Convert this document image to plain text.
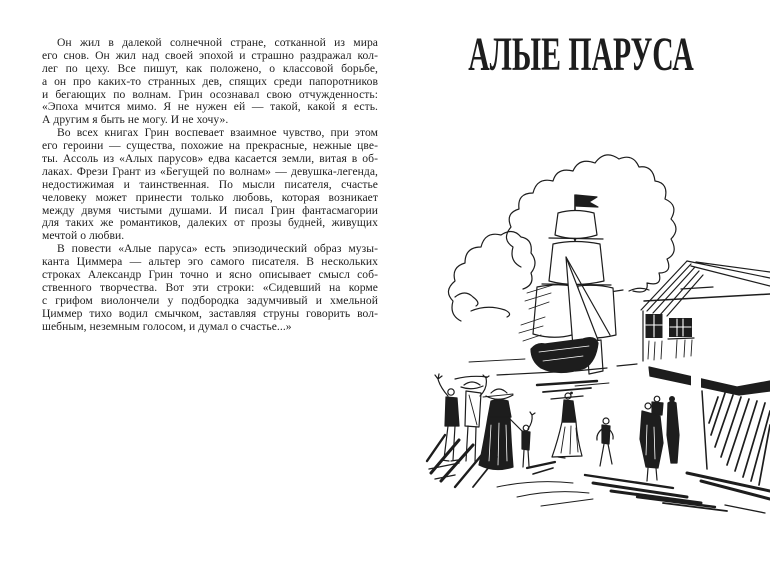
Он жил в далекой солнечной стране, сотканной из мира
его снов. Он жил над своей эпохой и страшно раздражал кол-
лег по цеху. Все пишут, как положено, о классовой борьбе,
а он про каких-то странных дев, спящих среди папоротников
и бегающих по волнам. Грин осознавал свою отчужденность:
«Эпоха мчится мимо. Я не нужен ей — такой, какой я есть.
А другим я быть не могу. И не хочу».
Во всех книгах Грин воспевает взаимное чувство, при этом
его героини — существа, похожие на прекрасные, нежные цве-
ты. Ассоль из «Алых парусов» едва касается земли, витая в об-
лаках. Фрези Грант из «Бегущей по волнам» — девушка-легенда,
недостижимая и таинственная. По мысли писателя, счастье
человеку может принести только любовь, которая возникает
между двумя чистыми душами. И писал Грин фантасмагории
для таких же романтиков, далеких от прозы будней, живущих
мечтой о любви.
В повести «Алые паруса» есть эпизодический образ музы-
канта Циммера — альтер эго самого писателя. В нескольких
строках Александр Грин точно и ясно описывает смысл соб-
ственного творчества. Вот эти строки: «Сидевший на корме
с грифом виолончели у подбородка задумчивый и хмельной
Циммер тихо водил смычком, заставляя струны говорить вол-
шебным, неземным голосом, и думал о счастье...»
АЛЫЕ ПАРУСА
